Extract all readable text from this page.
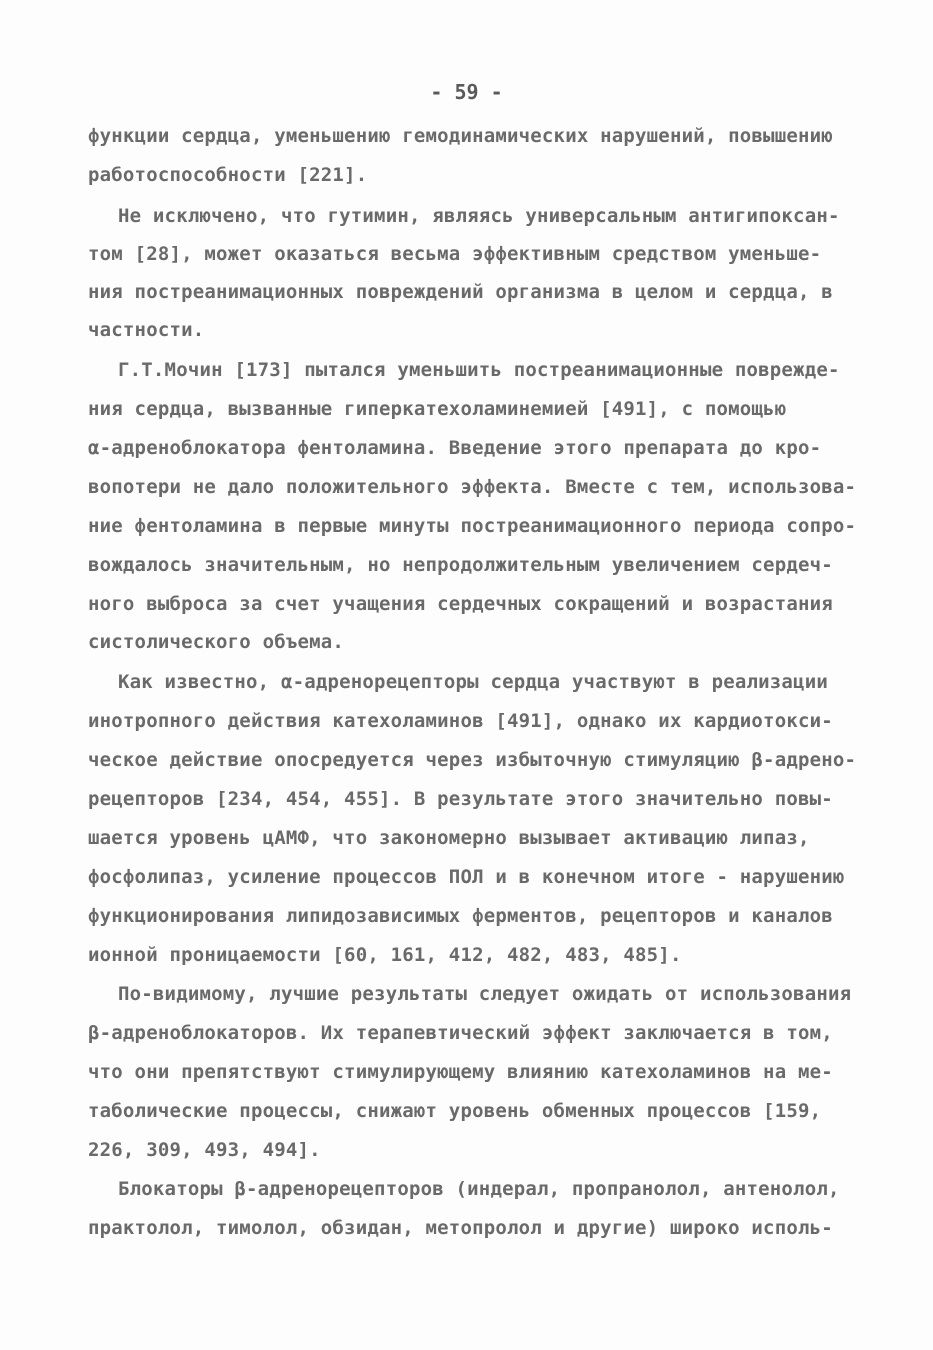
- 59 -
функции сердца, уменьшению гемодинамических нарушений, повышению
работоспособности [221].
Не исключено, что гутимин, являясь универсальным антигипоксан-
том [28], может оказаться весьма эффективным средством уменьше-
ния постреанимационных повреждений организма в целом и сердца, в
частности.
Г.Т.Мочин [173] пытался уменьшить постреанимационные поврежде-
ния сердца, вызванные гиперкатехоламинемией [491], с помощью
α-адреноблокатора фентоламина. Введение этого препарата до кро-
вопотери не дало положительного эффекта. Вместе с тем, использова-
ние фентоламина в первые минуты постреанимационного периода сопро-
вождалось значительным, но непродолжительным увеличением сердеч-
ного выброса за счет учащения сердечных сокращений и возрастания
систолического объема.
Как известно, α-адренорецепторы сердца участвуют в реализации
инотропного действия катехоламинов [491], однако их кардиотокси-
ческое действие опосредуется через избыточную стимуляцию β-адрено-
рецепторов [234, 454, 455]. В результате этого значительно повы-
шается уровень цАМФ, что закономерно вызывает активацию липаз,
фосфолипаз, усиление процессов ПОЛ и в конечном итоге - нарушению
функционирования липидозависимых ферментов, рецепторов и каналов
ионной проницаемости [60, 161, 412, 482, 483, 485].
По-видимому, лучшие результаты следует ожидать от использования
β-адреноблокаторов. Их терапевтический эффект заключается в том,
что они препятствуют стимулирующему влиянию катехоламинов на ме-
таболические процессы, снижают уровень обменных процессов [159,
226, 309, 493, 494].
Блокаторы β-адренорецепторов (индерал, пропранолол, антенолол,
практолол, тимолол, обзидан, метопролол и другие) широко исполь-
